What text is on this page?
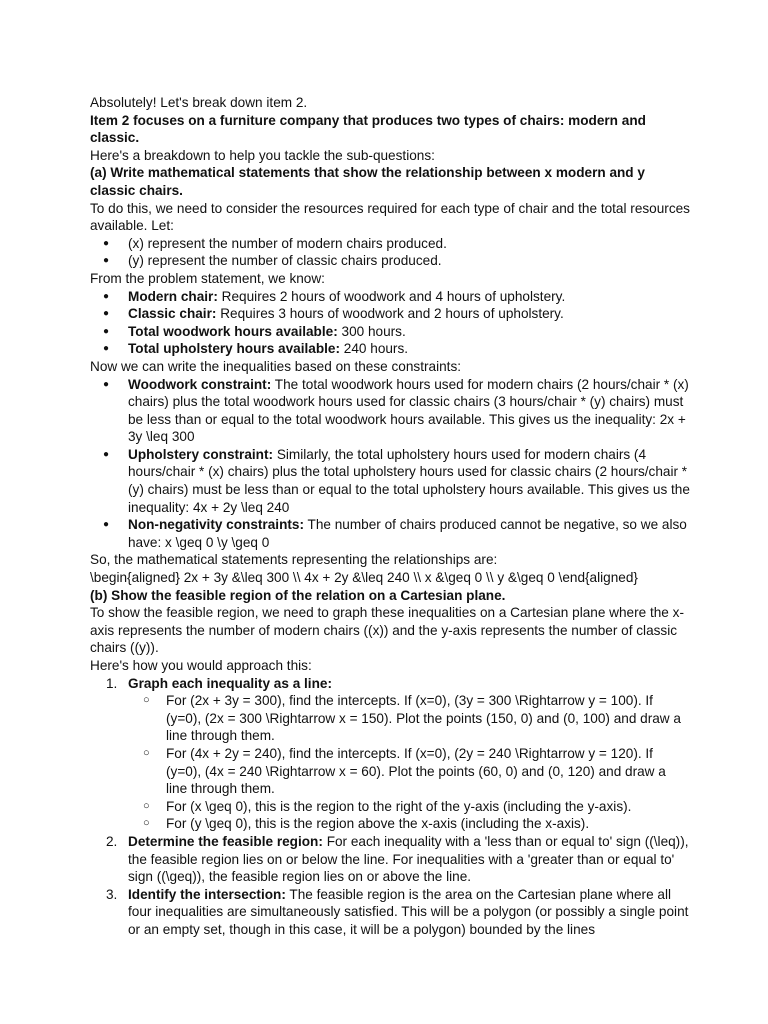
Absolutely! Let's break down item 2.

Item 2 focuses on a furniture company that produces two types of chairs: modern and classic.

Here's a breakdown to help you tackle the sub-questions:

(a) Write mathematical statements that show the relationship between x modern and y classic chairs.

To do this, we need to consider the resources required for each type of chair and the total resources available. Let:

● (x) represent the number of modern chairs produced.
● (y) represent the number of classic chairs produced.

From the problem statement, we know:

● Modern chair: Requires 2 hours of woodwork and 4 hours of upholstery.
● Classic chair: Requires 3 hours of woodwork and 2 hours of upholstery.
● Total woodwork hours available: 300 hours.
● Total upholstery hours available: 240 hours.

Now we can write the inequalities based on these constraints:

● Woodwork constraint: The total woodwork hours used for modern chairs (2 hours/chair * (x) chairs) plus the total woodwork hours used for classic chairs (3 hours/chair * (y) chairs) must be less than or equal to the total woodwork hours available. This gives us the inequality: 2x + 3y \leq 300
● Upholstery constraint: Similarly, the total upholstery hours used for modern chairs (4 hours/chair * (x) chairs) plus the total upholstery hours used for classic chairs (2 hours/chair * (y) chairs) must be less than or equal to the total upholstery hours available. This gives us the inequality: 4x + 2y \leq 240
● Non-negativity constraints: The number of chairs produced cannot be negative, so we also have: x \geq 0 \y \geq 0

So, the mathematical statements representing the relationships are:

\begin{aligned} 2x + 3y &\leq 300 \\ 4x + 2y &\leq 240 \\ x &\geq 0 \\ y &\geq 0 \end{aligned}

(b) Show the feasible region of the relation on a Cartesian plane.

To show the feasible region, we need to graph these inequalities on a Cartesian plane where the x-axis represents the number of modern chairs ((x)) and the y-axis represents the number of classic chairs ((y)).

Here's how you would approach this:

1. Graph each inequality as a line:
○ For (2x + 3y = 300), find the intercepts. If (x=0), (3y = 300 \Rightarrow y = 100). If (y=0), (2x = 300 \Rightarrow x = 150). Plot the points (150, 0) and (0, 100) and draw a line through them.
○ For (4x + 2y = 240), find the intercepts. If (x=0), (2y = 240 \Rightarrow y = 120). If (y=0), (4x = 240 \Rightarrow x = 60). Plot the points (60, 0) and (0, 120) and draw a line through them.
○ For (x \geq 0), this is the region to the right of the y-axis (including the y-axis).
○ For (y \geq 0), this is the region above the x-axis (including the x-axis).
2. Determine the feasible region: For each inequality with a 'less than or equal to' sign ((\leq)), the feasible region lies on or below the line. For inequalities with a 'greater than or equal to' sign ((\geq)), the feasible region lies on or above the line.
3. Identify the intersection: The feasible region is the area on the Cartesian plane where all four inequalities are simultaneously satisfied. This will be a polygon (or possibly a single point or an empty set, though in this case, it will be a polygon) bounded by the lines
